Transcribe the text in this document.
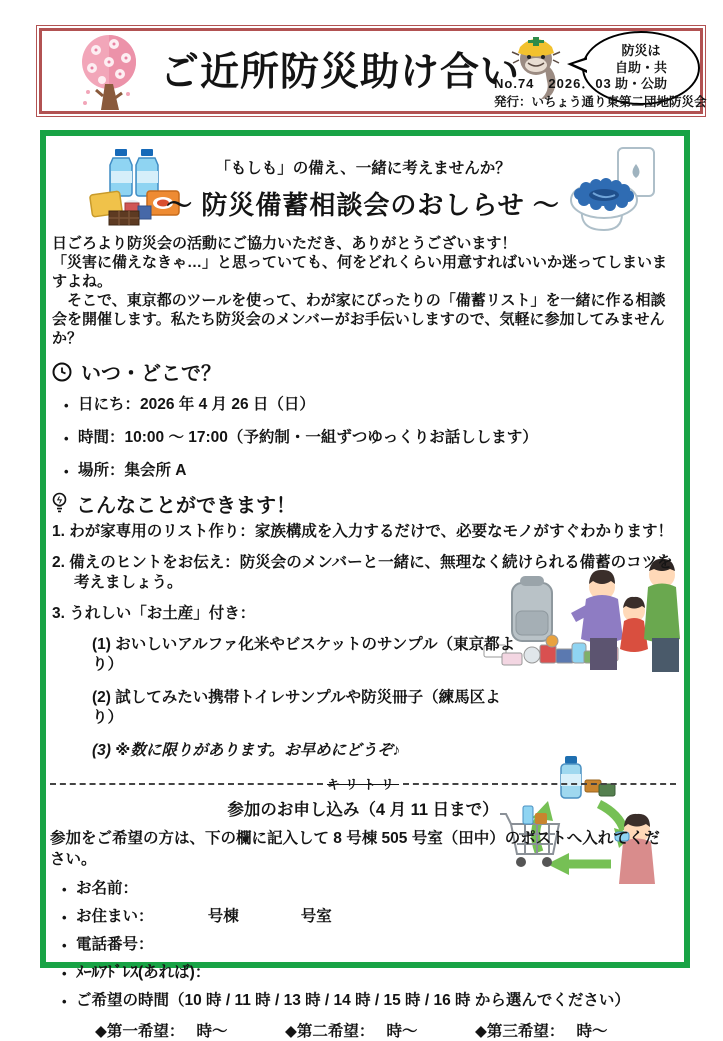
ご近所防災助け合い
防災は
自助・共
助・公助
No.74　2026．03
発行：いちょう通り東第二団地防災会
「もしも」の備え、一緒に考えませんか？
～ 防災備蓄相談会のおしらせ ～

日ごろより防災会の活動にご協力いただき、ありがとうございます！

「災害に備えなきゃ…」と思っていても、何をどれくらい用意すればいいか迷ってしまいますよね。

　そこで、東京都のツールを使って、わが家にぴったりの「備蓄リスト」を一緒に作る相談会を開催します。私たち防災会のメンバーがお手伝いしますので、気軽に参加してみませんか？

いつ・どこで？
• 日にち：2026 年 4 月 26 日（日）
• 時間：10:00 ～ 17:00（予約制・一組ずつゆっくりお話しします）
• 場所：集会所 A
こんなことができます！
1. わが家専用のリスト作り：家族構成を入力するだけで、必要なモノがすぐわかります！
2. 備えのヒントをお伝え：防災会のメンバーと一緒に、無理なく続けられる備蓄のコツを考えましょう。
3. うれしい「お土産」付き：
(1) おいしいアルファ化米やビスケットのサンプル（東京都より）
(2) 試してみたい携帯トイレサンプルや防災冊子（練馬区より）
(3) ※数に限りがあります。お早めにどうぞ♪
キリトリ
参加のお申し込み（4 月 11 日まで）
参加をご希望の方は、下の欄に記入して 8 号棟 505 号室（田中）のポストへ入れてください。
• お名前：
• お住まい：　　　　号棟　　　　号室
• 電話番号：
• ﾒｰﾙｱﾄﾞﾚｽ(あれば)：
• ご希望の時間（10 時 / 11 時 / 13 時 / 14 時 / 15 時 / 16 時 から選んでください）
◆第一希望：　 時～	◆第二希望：　 時～	◆第三希望：　 時～
